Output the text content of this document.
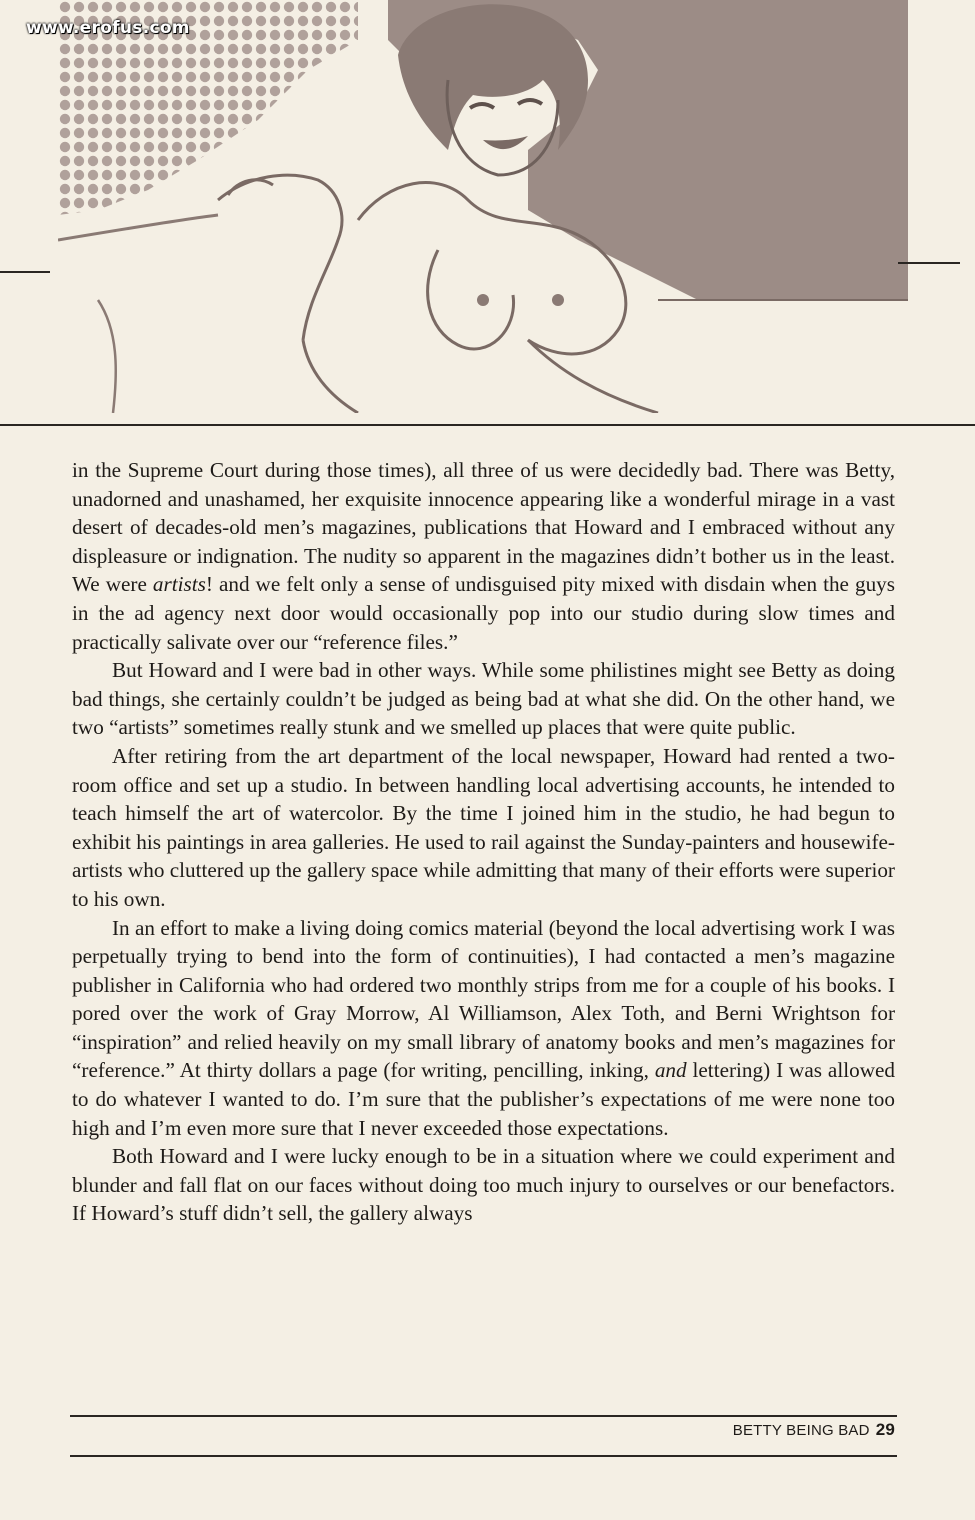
www.erofus.com

in the Supreme Court during those times), all three of us were decidedly bad. There was Betty, unadorned and unashamed, her exquisite innocence appearing like a wonderful mirage in a vast desert of decades-old men’s magazines, publications that Howard and I embraced without any displeasure or indignation. The nudity so apparent in the magazines didn’t bother us in the least. We were artists! and we felt only a sense of undisguised pity mixed with disdain when the guys in the ad agency next door would occasionally pop into our studio during slow times and practically salivate over our “reference files.”

But Howard and I were bad in other ways. While some philistines might see Betty as doing bad things, she certainly couldn’t be judged as being bad at what she did. On the other hand, we two “artists” sometimes really stunk and we smelled up places that were quite public.

After retiring from the art department of the local newspaper, Howard had rented a two-room office and set up a studio. In between handling local advertising accounts, he intended to teach himself the art of watercolor. By the time I joined him in the studio, he had begun to exhibit his paintings in area galleries. He used to rail against the Sunday-painters and housewife-artists who cluttered up the gallery space while admitting that many of their efforts were superior to his own.

In an effort to make a living doing comics material (beyond the local advertising work I was perpetually trying to bend into the form of continuities), I had contacted a men’s magazine publisher in California who had ordered two monthly strips from me for a couple of his books. I pored over the work of Gray Morrow, Al Williamson, Alex Toth, and Berni Wrightson for “inspiration” and relied heavily on my small library of anatomy books and men’s magazines for “reference.” At thirty dollars a page (for writing, pencilling, inking, and lettering) I was allowed to do whatever I wanted to do. I’m sure that the publisher’s expectations of me were none too high and I’m even more sure that I never exceeded those expectations.

Both Howard and I were lucky enough to be in a situation where we could experiment and blunder and fall flat on our faces without doing too much injury to ourselves or our benefactors. If Howard’s stuff didn’t sell, the gallery always

BETTY BEING BAD 29
